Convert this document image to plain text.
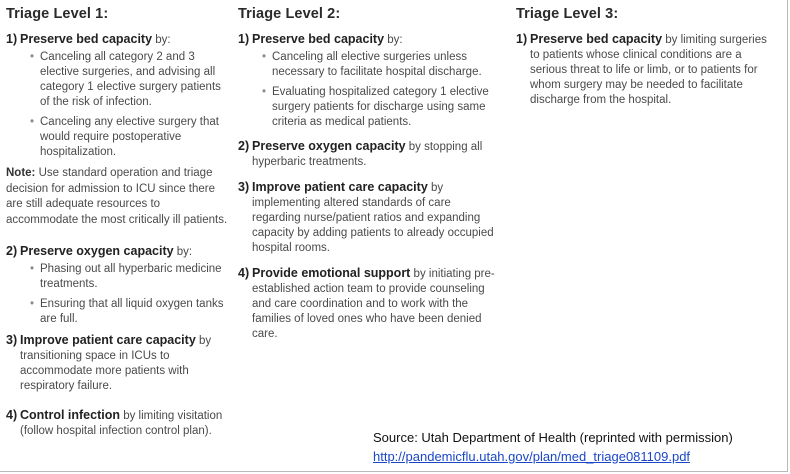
Triage Level 1:
1) Preserve bed capacity by:
• Canceling all category 2 and 3 elective surgeries, and advising all category 1 elective surgery patients of the risk of infection.
• Canceling any elective surgery that would require postoperative hospitalization.
Note: Use standard operation and triage decision for admission to ICU since there are still adequate resources to accommodate the most critically ill patients.
2) Preserve oxygen capacity by:
• Phasing out all hyperbaric medicine treatments.
• Ensuring that all liquid oxygen tanks are full.
3) Improve patient care capacity by transitioning space in ICUs to accommodate more patients with respiratory failure.
4) Control infection by limiting visitation (follow hospital infection control plan).
Triage Level 2:
1) Preserve bed capacity by:
• Canceling all elective surgeries unless necessary to facilitate hospital discharge.
• Evaluating hospitalized category 1 elective surgery patients for discharge using same criteria as medical patients.
2) Preserve oxygen capacity by stopping all hyperbaric treatments.
3) Improve patient care capacity by implementing altered standards of care regarding nurse/patient ratios and expanding capacity by adding patients to already occupied hospital rooms.
4) Provide emotional support by initiating pre-established action team to provide counseling and care coordination and to work with the families of loved ones who have been denied care.
Triage Level 3:
1) Preserve bed capacity by limiting surgeries to patients whose clinical conditions are a serious threat to life or limb, or to patients for whom surgery may be needed to facilitate discharge from the hospital.
Source: Utah Department of Health (reprinted with permission)
http://pandemicflu.utah.gov/plan/med_triage081109.pdf
